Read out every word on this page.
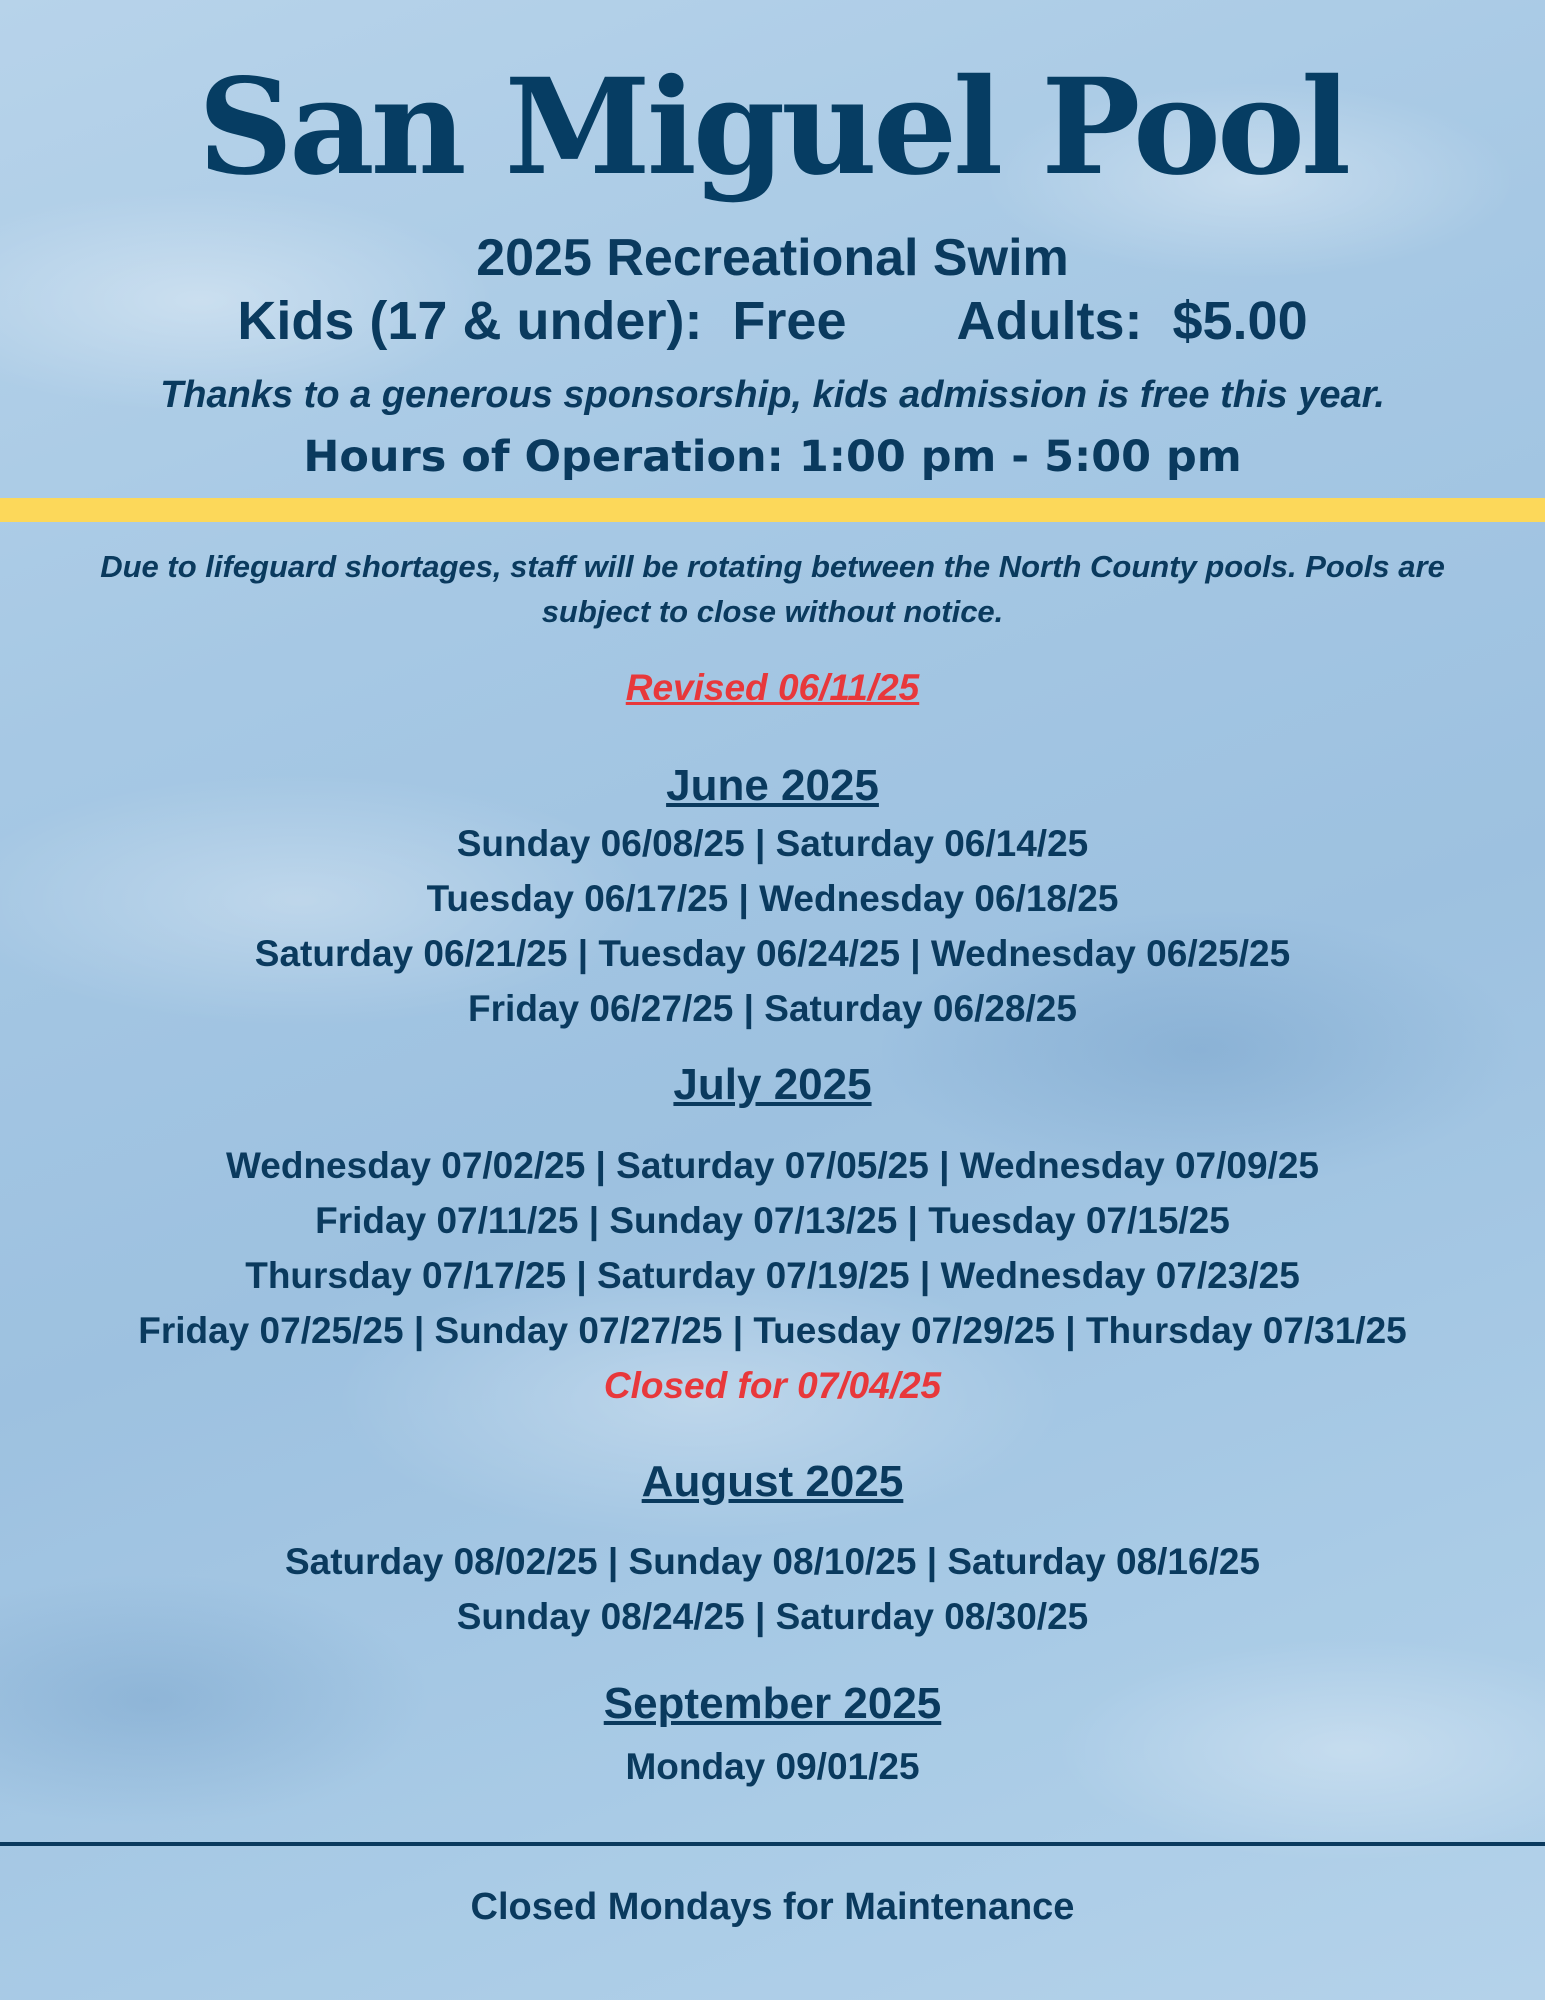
San Miguel Pool
2025 Recreational Swim
Kids (17 & under):  Free Adults:  $5.00
Thanks to a generous sponsorship, kids admission is free this year.
Hours of Operation: 1:00 pm - 5:00 pm
Due to lifeguard shortages, staff will be rotating between the North County pools. Pools are subject to close without notice.
Revised 06/11/25
June 2025
Sunday 06/08/25 | Saturday 06/14/25
Tuesday 06/17/25 | Wednesday 06/18/25
Saturday 06/21/25 | Tuesday 06/24/25 | Wednesday 06/25/25
Friday 06/27/25 | Saturday 06/28/25
July 2025
Wednesday 07/02/25 | Saturday 07/05/25 | Wednesday 07/09/25
Friday 07/11/25 | Sunday 07/13/25 | Tuesday 07/15/25
Thursday 07/17/25 | Saturday 07/19/25 | Wednesday 07/23/25
Friday 07/25/25 | Sunday 07/27/25 | Tuesday 07/29/25 | Thursday 07/31/25
Closed for 07/04/25
August 2025
Saturday 08/02/25 | Sunday 08/10/25 | Saturday 08/16/25
Sunday 08/24/25 | Saturday 08/30/25
September 2025
Monday 09/01/25
Closed Mondays for Maintenance
